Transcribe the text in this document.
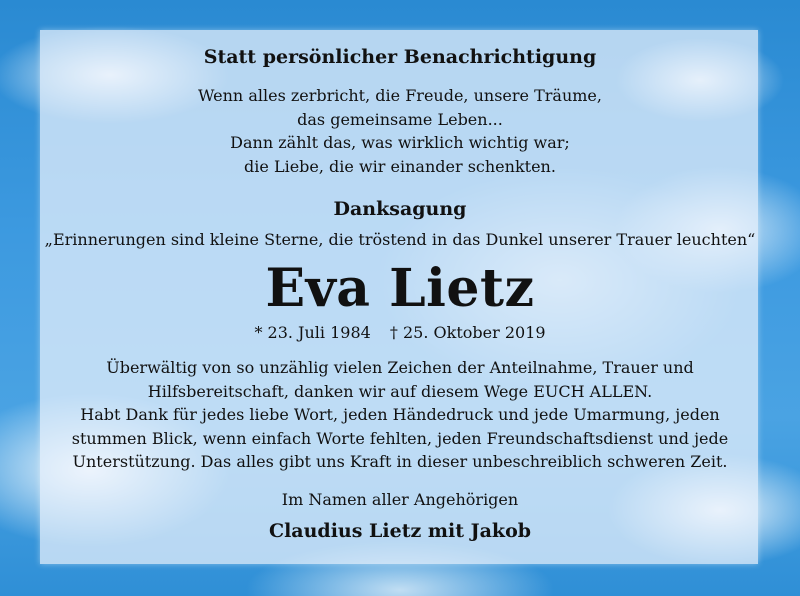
Statt persönlicher Benachrichtigung
Wenn alles zerbricht, die Freude, unsere Träume,
das gemeinsame Leben...
Dann zählt das, was wirklich wichtig war;
die Liebe, die wir einander schenkten.
Danksagung
„Erinnerungen sind kleine Sterne, die tröstend in das Dunkel unserer Trauer leuchten“
Eva Lietz
* 23. Juli 1984 † 25. Oktober 2019
Überwältig von so unzählig vielen Zeichen der Anteilnahme, Trauer und
Hilfsbereitschaft, danken wir auf diesem Wege EUCH ALLEN.
Habt Dank für jedes liebe Wort, jeden Händedruck und jede Umarmung, jeden
stummen Blick, wenn einfach Worte fehlten, jeden Freundschaftsdienst und jede
Unterstützung. Das alles gibt uns Kraft in dieser unbeschreiblich schweren Zeit.
Im Namen aller Angehörigen
Claudius Lietz mit Jakob
